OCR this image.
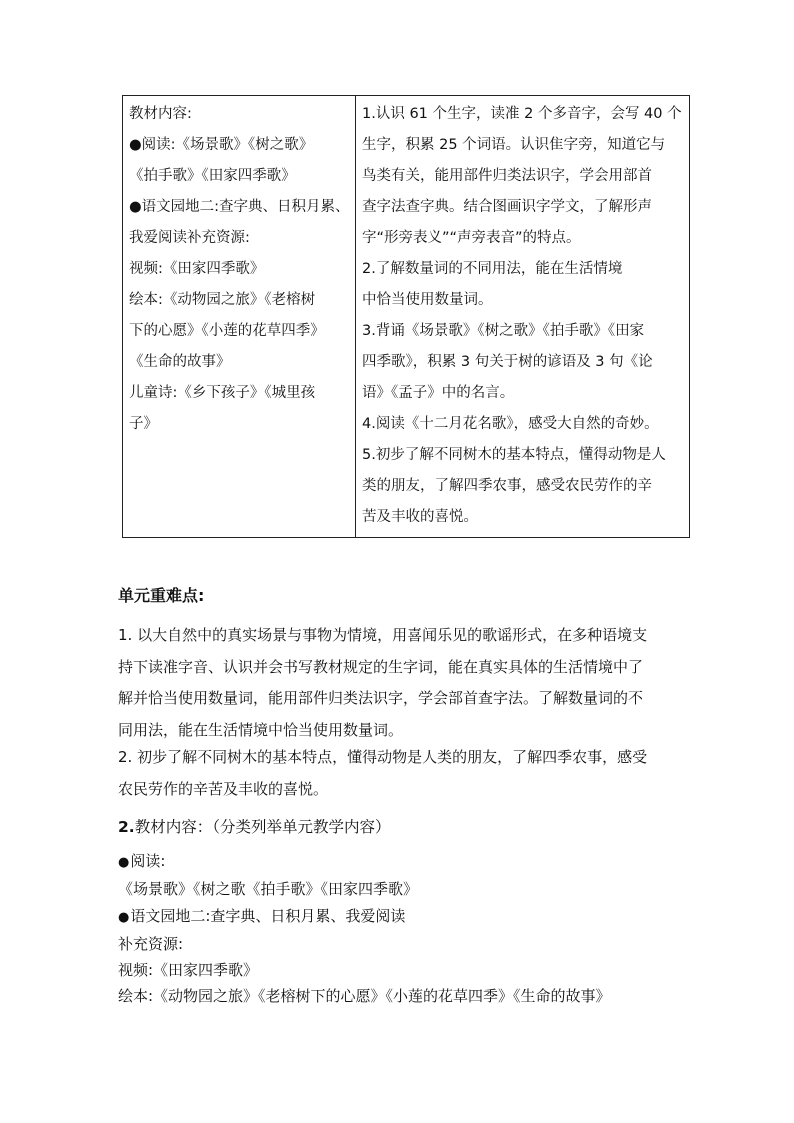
教材内容:
●阅读:《场景歌》《树之歌》
《拍手歌》《田家四季歌》
●语文园地二:查字典、日积月累、
我爱阅读补充资源:
视频:《田家四季歌》
绘本:《动物园之旅》《老榕树
下的心愿》《小莲的花草四季》
《生命的故事》
儿童诗:《乡下孩子》《城里孩
子》

1.认识 61 个生字，读准 2 个多音字，会写 40 个
生字，积累 25 个词语。认识隹字旁，知道它与
鸟类有关，能用部件归类法识字，学会用部首
查字法查字典。结合图画识字学文，了解形声
字“形旁表义”“声旁表音”的特点。
2.了解数量词的不同用法，能在生活情境
中恰当使用数量词。
3.背诵《场景歌》《树之歌》《拍手歌》《田家
四季歌》，积累 3 句关于树的谚语及 3 句《论
语》《孟子》中的名言。
4.阅读《十二月花名歌》，感受大自然的奇妙。
5.初步了解不同树木的基本特点，懂得动物是人
类的朋友，了解四季农事，感受农民劳作的辛
苦及丰收的喜悦。
单元重难点:
1. 以大自然中的真实场景与事物为情境，用喜闻乐见的歌谣形式，在多种语境支
持下读准字音、认识并会书写教材规定的生字词，能在真实具体的生活情境中了
解并恰当使用数量词，能用部件归类法识字，学会部首查字法。了解数量词的不
同用法，能在生活情境中恰当使用数量词。
2. 初步了解不同树木的基本特点，懂得动物是人类的朋友，了解四季农事，感受
农民劳作的辛苦及丰收的喜悦。
2.教材内容：（分类列举单元教学内容）
●阅读:
《场景歌》《树之歌《拍手歌》《田家四季歌》
●语文园地二:查字典、日积月累、我爱阅读
补充资源:
视频:《田家四季歌》
绘本:《动物园之旅》《老榕树下的心愿》《小莲的花草四季》《生命的故事》
